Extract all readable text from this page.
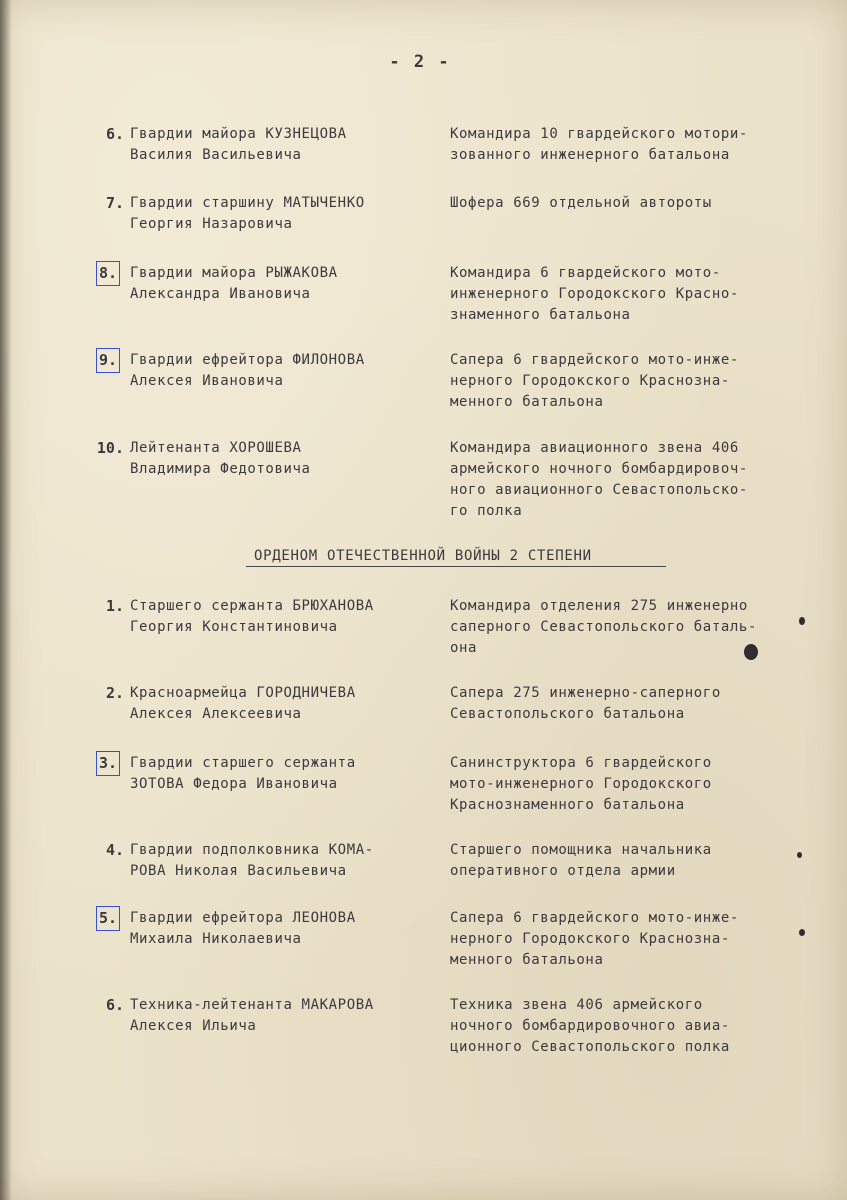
- 2 -
6. Гвардии майора КУЗНЕЦОВА
Василия Васильевича
Командира 10 гвардейского мотори-
зованного инженерного батальона
7. Гвардии старшину МАТЫЧЕНКО
Георгия Назаровича
Шофера 669 отдельной автороты
8. Гвардии майора РЫЖАКОВА
Александра Ивановича
Командира 6 гвардейского мото-
инженерного Городокского Красно-
знаменного батальона
9. Гвардии ефрейтора ФИЛОНОВА
Алексея Ивановича
Сапера 6 гвардейского мото-инже-
нерного Городокского Краснозна-
менного батальона
10. Лейтенанта ХОРОШЕВА
Владимира Федотовича
Командира авиационного звена 406
армейского ночного бомбардировоч-
ного авиационного Севастопольско-
го полка
ОРДЕНОМ ОТЕЧЕСТВЕННОЙ ВОЙНЫ 2 СТЕПЕНИ
1. Старшего сержанта БРЮХАНОВА
Георгия Константиновича
Командира отделения 275 инженерно
саперного Севастопольского баталь-
она
2. Красноармейца ГОРОДНИЧЕВА
Алексея Алексеевича
Сапера 275 инженерно-саперного
Севастопольского батальона
3. Гвардии старшего сержанта
ЗОТОВА Федора Ивановича
Санинструктора 6 гвардейского
мото-инженерного Городокского
Краснознаменного батальона
4. Гвардии подполковника КОМА-
РОВА Николая Васильевича
Старшего помощника начальника
оперативного отдела армии
5. Гвардии ефрейтора ЛЕОНОВА
Михаила Николаевича
Сапера 6 гвардейского мото-инже-
нерного Городокского Краснозна-
менного батальона
6. Техника-лейтенанта МАКАРОВА
Алексея Ильича
Техника звена 406 армейского
ночного бомбардировочного авиа-
ционного Севастопольского полка
